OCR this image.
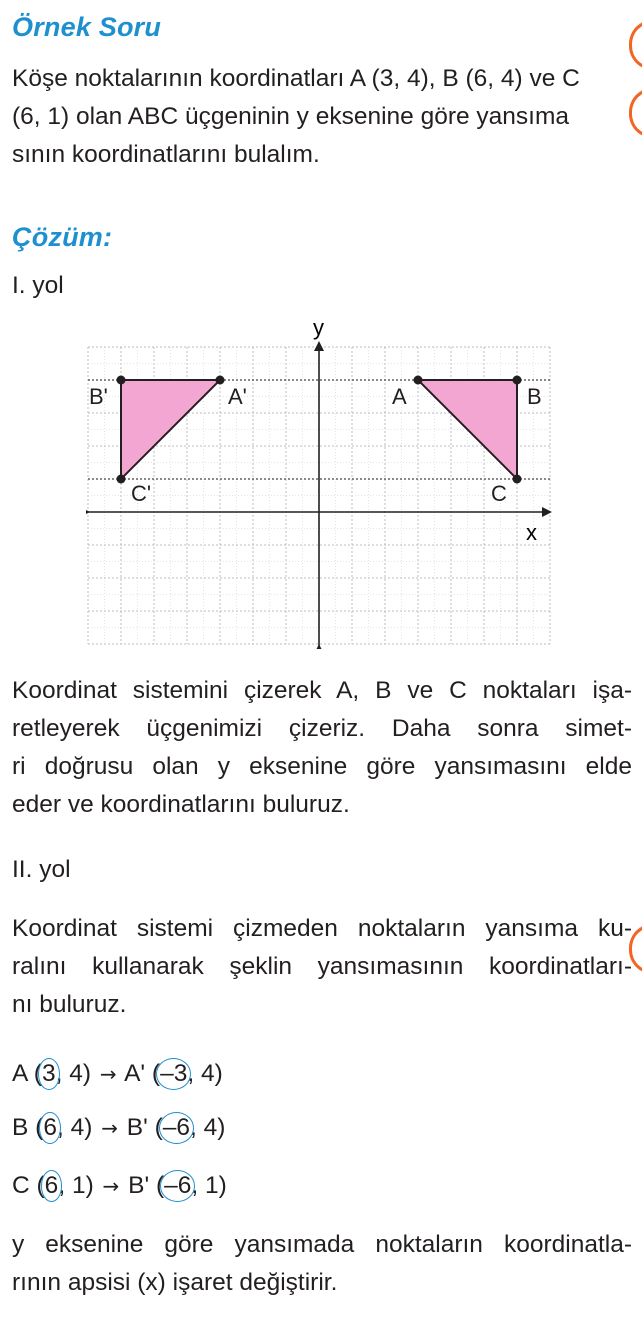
Örnek Soru
Köşe noktalarının koordinatları A (3, 4), B (6, 4) ve C
(6, 1) olan ABC üçgeninin y eksenine göre yansıma
sının koordinatlarını bulalım.
Çözüm:
I. yol
A	B
C
A'
B'
C'
x
y
Koordinat sistemini çizerek A, B ve C noktaları işa-
retleyerek üçgenimizi çizeriz. Daha sonra simet-
ri doğrusu olan y eksenine göre yansımasını elde
eder ve koordinatlarını buluruz.
II. yol
Koordinat sistemi çizmeden noktaların yansıma ku-
ralını kullanarak şeklin yansımasının koordinatları-
nı buluruz.
A (3, 4) → A' (–3, 4)
B (6, 4) → B' (–6, 4)
C (6, 1) → B' (–6, 1)
y eksenine göre yansımada noktaların koordinatla-
rının apsisi (x) işaret değiştirir.
